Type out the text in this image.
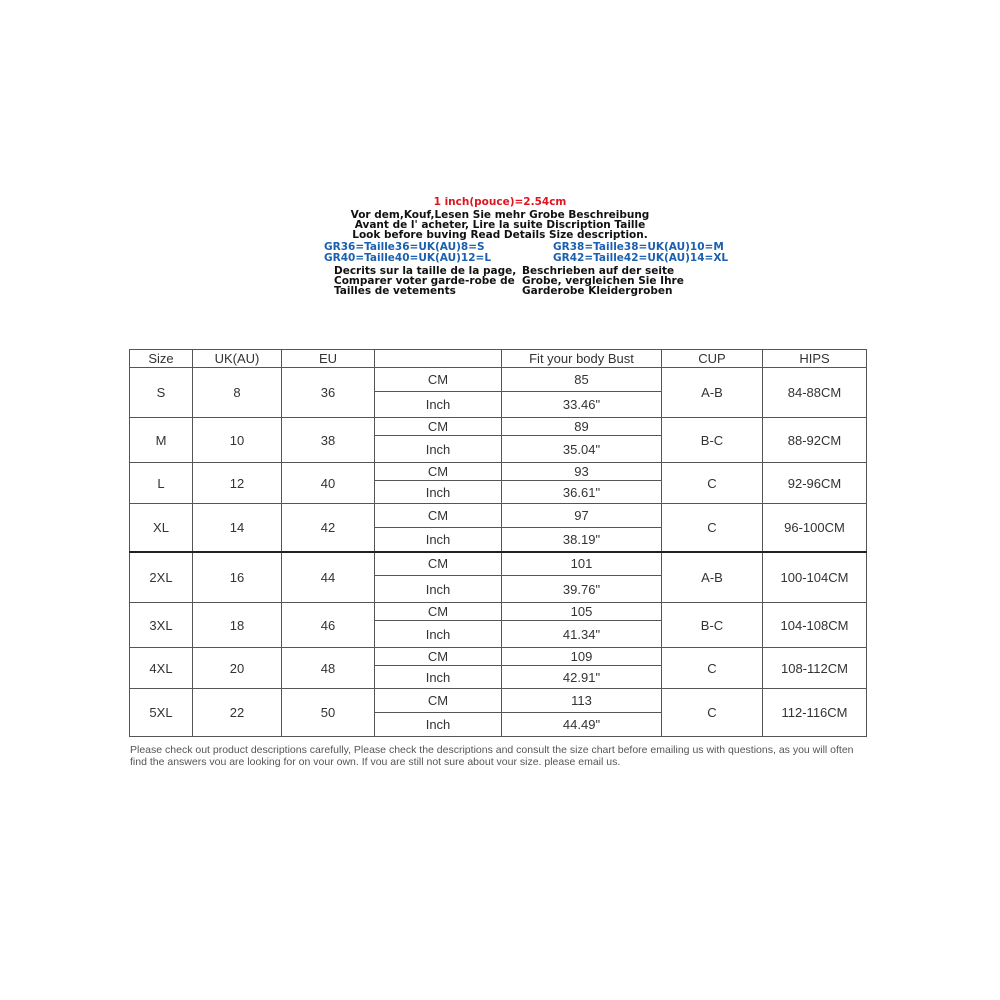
1 inch(pouce)=2.54cm
Vor dem,Kouf,Lesen Sie mehr Grobe Beschreibung
Avant de l' acheter, Lire la suite Discription Taille
Look before buving Read Details Size description.
GR36=Taille36=UK(AU)8=S	GR38=Taille38=UK(AU)10=M
GR40=Taille40=UK(AU)12=L	GR42=Taille42=UK(AU)14=XL
Decrits sur la taille de la page,
Comparer voter garde-robe de
Tailles de vetements
Beschrieben auf der seite
Grobe, vergleichen Sie Ihre
Garderobe Kleidergroben
Size	UK(AU)	EU		Fit your body Bust	CUP	HIPS
S	8	36	CM	85	A-B	84-88CM
			Inch	33.46"		
M	10	38	CM	89	B-C	88-92CM
			Inch	35.04"		
L	12	40	CM	93	C	92-96CM
			Inch	36.61"		
XL	14	42	CM	97	C	96-100CM
			Inch	38.19"		
2XL	16	44	CM	101	A-B	100-104CM
			Inch	39.76"		
3XL	18	46	CM	105	B-C	104-108CM
			Inch	41.34"		
4XL	20	48	CM	109	C	108-112CM
			Inch	42.91"		
5XL	22	50	CM	113	C	112-116CM
			Inch	44.49"		
Please check out product descriptions carefully, Please check the descriptions and consult the size chart before emailing us with questions, as you will often find the answers vou are looking for on vour own. If vou are still not sure about vour size. please email us.
